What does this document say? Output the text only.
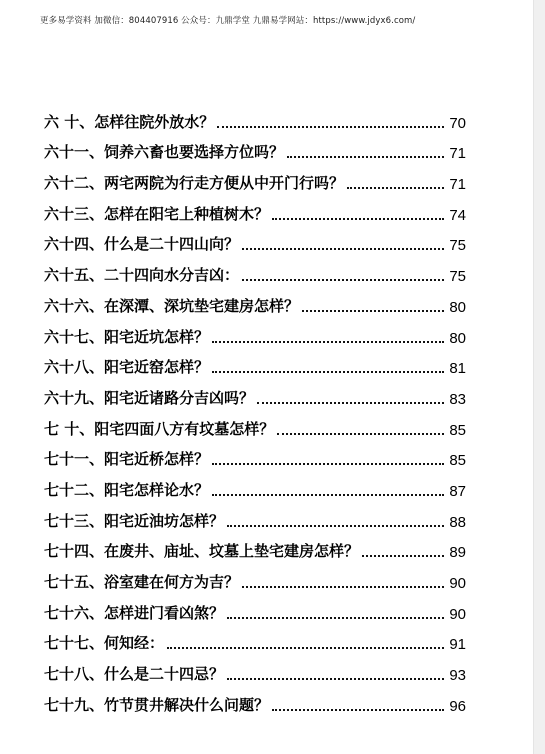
更多易学资料 加微信：804407916 公众号：九鼎学堂 九鼎易学网站：https://www.jdyx6.com/
六 十、怎样往院外放水？	70
六十一、饲养六畜也要选择方位吗？	71
六十二、两宅两院为行走方便从中开门行吗？	71
六十三、怎样在阳宅上种植树木？	74
六十四、什么是二十四山向？	75
六十五、二十四向水分吉凶：	75
六十六、在深潭、深坑垫宅建房怎样？	80
六十七、阳宅近坑怎样？	80
六十八、阳宅近窑怎样？	81
六十九、阳宅近诸路分吉凶吗？	83
七 十、阳宅四面八方有坟墓怎样？	85
七十一、阳宅近桥怎样？	85
七十二、阳宅怎样论水？	87
七十三、阳宅近油坊怎样？	88
七十四、在废井、庙址、坟墓上垫宅建房怎样？	89
七十五、浴室建在何方为吉？	90
七十六、怎样进门看凶煞？	90
七十七、何知经：	91
七十八、什么是二十四忌？	93
七十九、竹节贯井解决什么问题？	96
